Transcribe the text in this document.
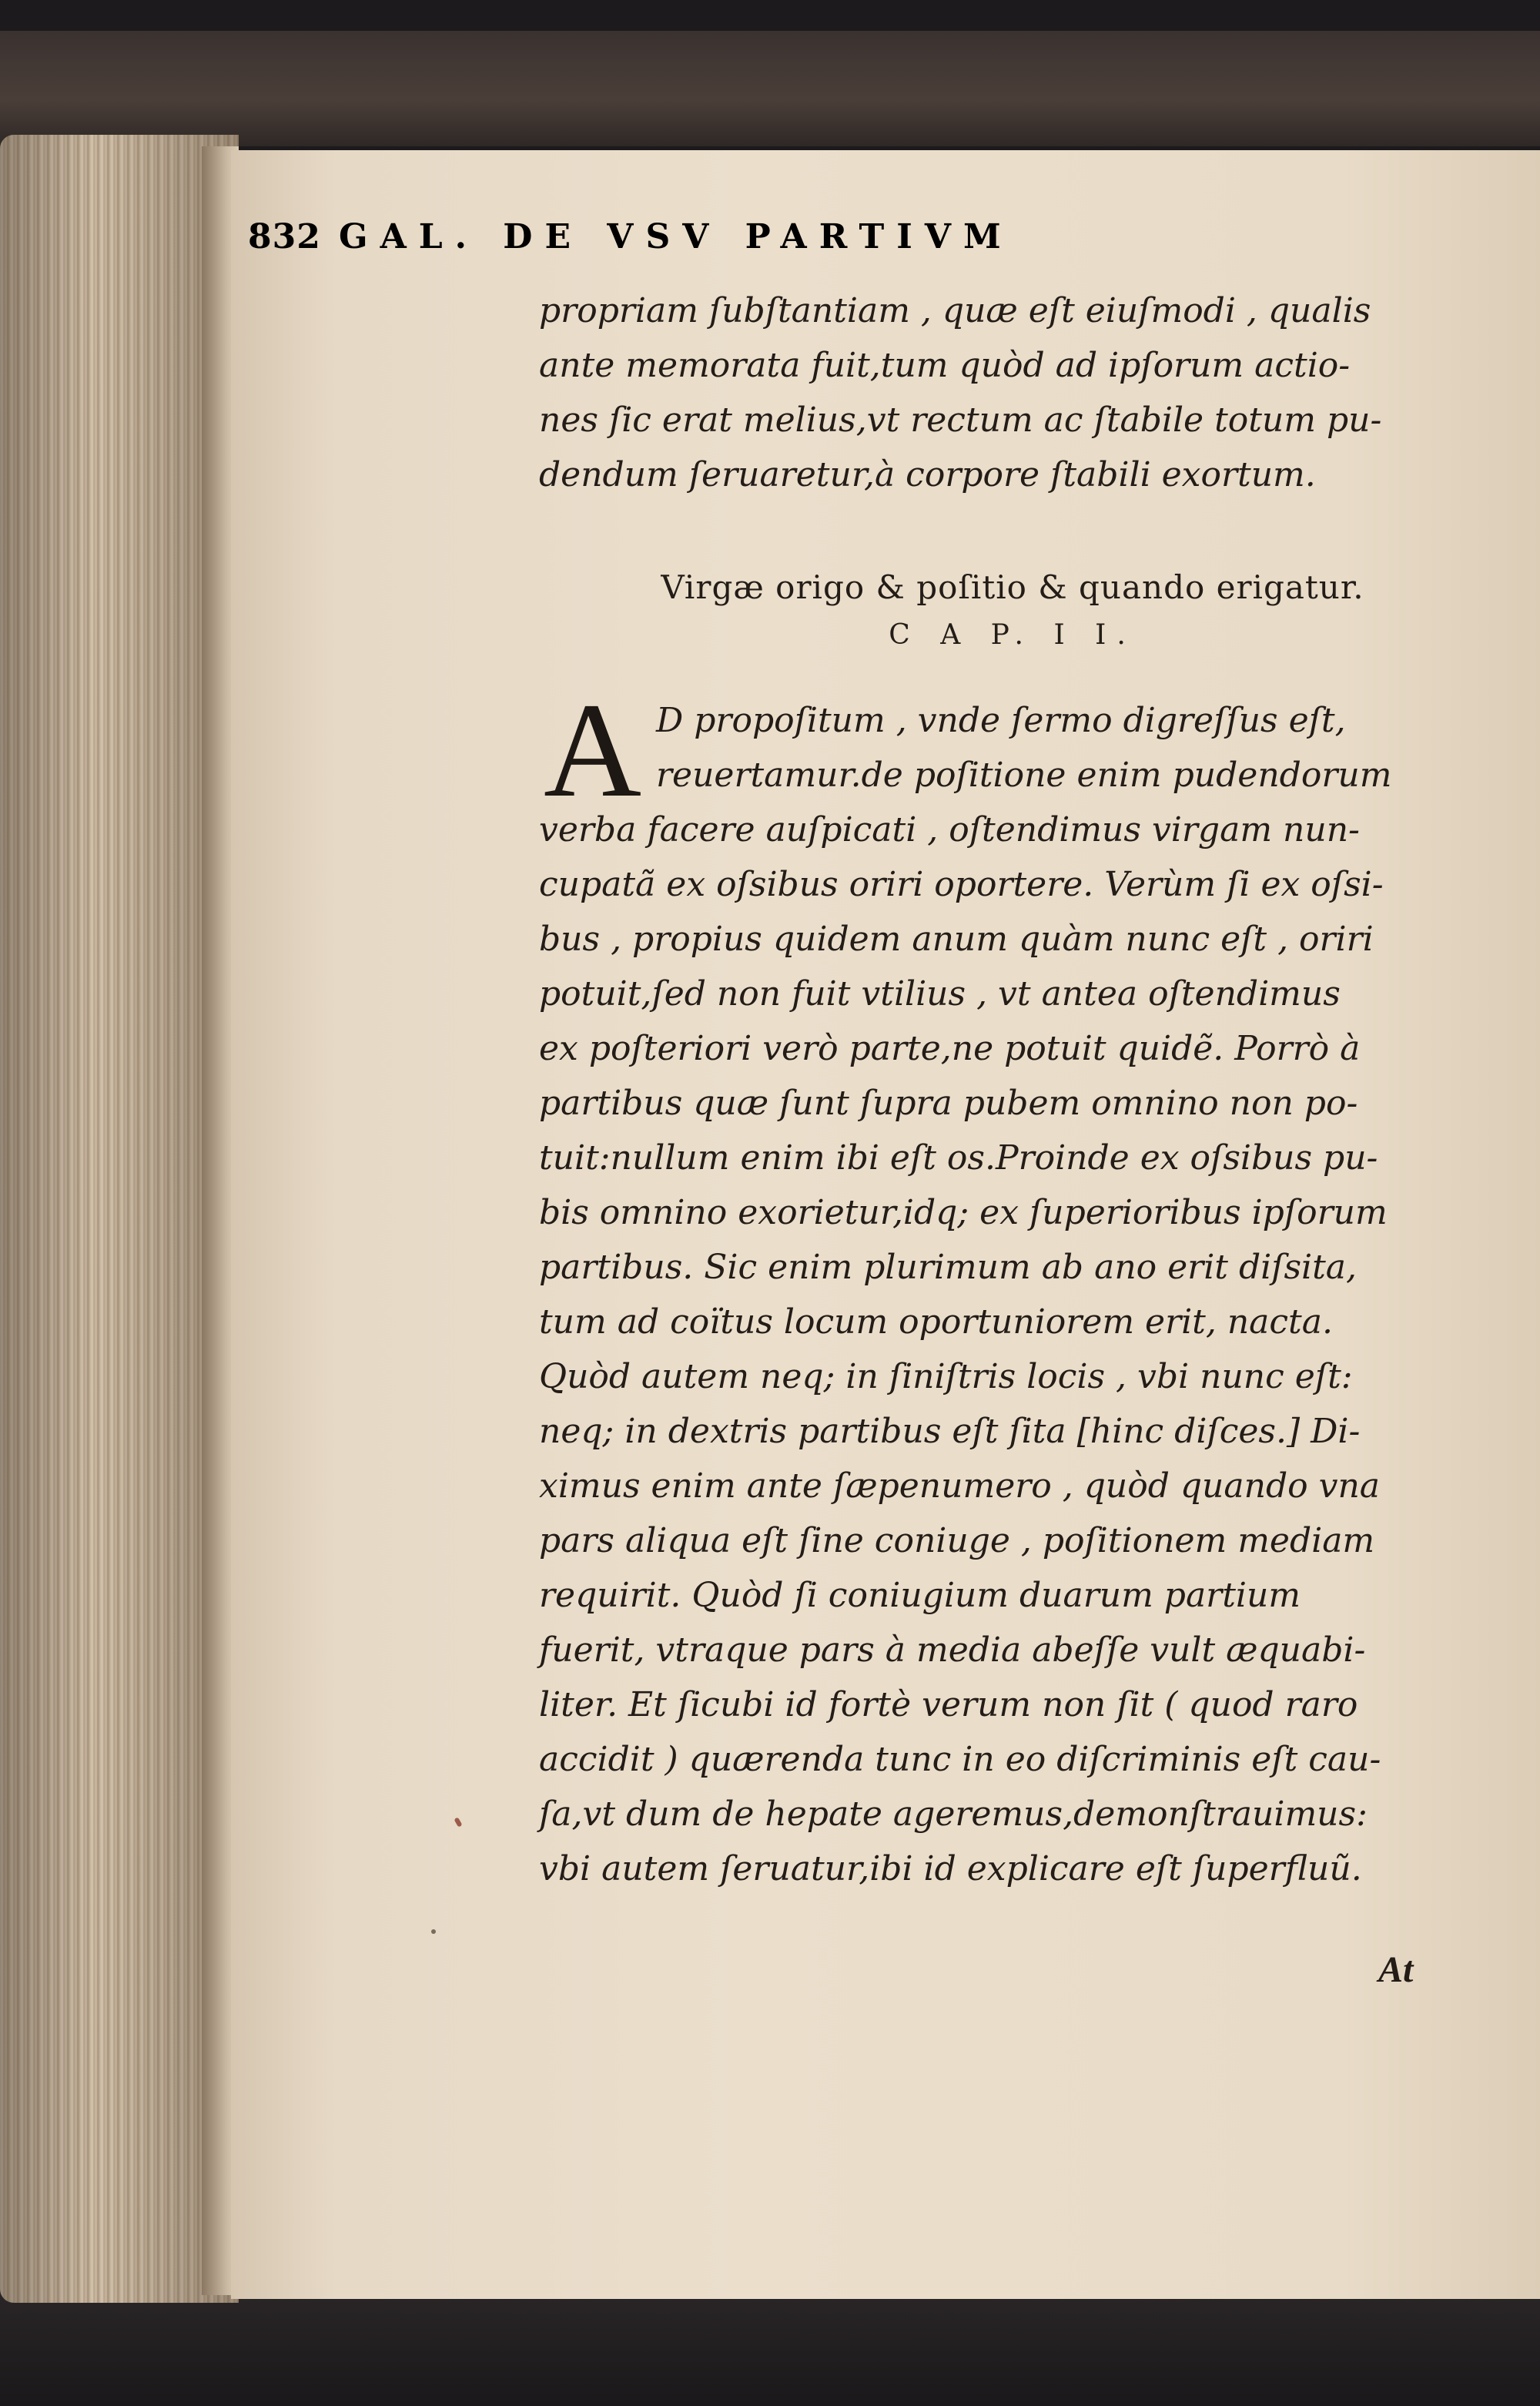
832 GAL. DE VSV PARTIVM
propriam ſubſtantiam , quæ eſt eiuſmodi , qualis
ante memorata fuit,tum quòd ad ipſorum actio-
nes ſic erat melius,vt rectum ac ſtabile totum pu-
dendum ſeruaretur,à corpore ſtabili exortum.
Virgæ origo & poſitio & quando erigatur.
C A P. I I.
A D propoſitum , vnde ſermo digreſſus eſt,
reuertamur.de poſitione enim pudendorum
verba facere auſpicati , oſtendimus virgam nun-
cupatã ex oſsibus oriri oportere. Verùm ſi ex oſsi-
bus , propius quidem anum quàm nunc eſt , oriri
potuit,ſed non fuit vtilius , vt antea oſtendimus
ex poſteriori verò parte,ne potuit quidẽ. Porrò à
partibus quæ ſunt ſupra pubem omnino non po-
tuit:nullum enim ibi eſt os.Proinde ex oſsibus pu-
bis omnino exorietur,idq; ex ſuperioribus ipſorum
partibus. Sic enim plurimum ab ano erit diſsita,
tum ad coïtus locum oportuniorem erit, nacta.
Quòd autem neq; in ſiniſtris locis , vbi nunc eſt:
neq; in dextris partibus eſt ſita [hinc diſces.] Di-
ximus enim ante ſæpenumero , quòd quando vna
pars aliqua eſt ſine coniuge , poſitionem mediam
requirit. Quòd ſi coniugium duarum partium
fuerit, vtraque pars à media abeſſe vult æquabi-
liter. Et ſicubi id fortè verum non ſit ( quod raro
accidit ) quærenda tunc in eo diſcriminis eſt cau-
ſa,vt dum de hepate ageremus,demonſtrauimus:
vbi autem ſeruatur,ibi id explicare eſt ſuperfluũ.
At
